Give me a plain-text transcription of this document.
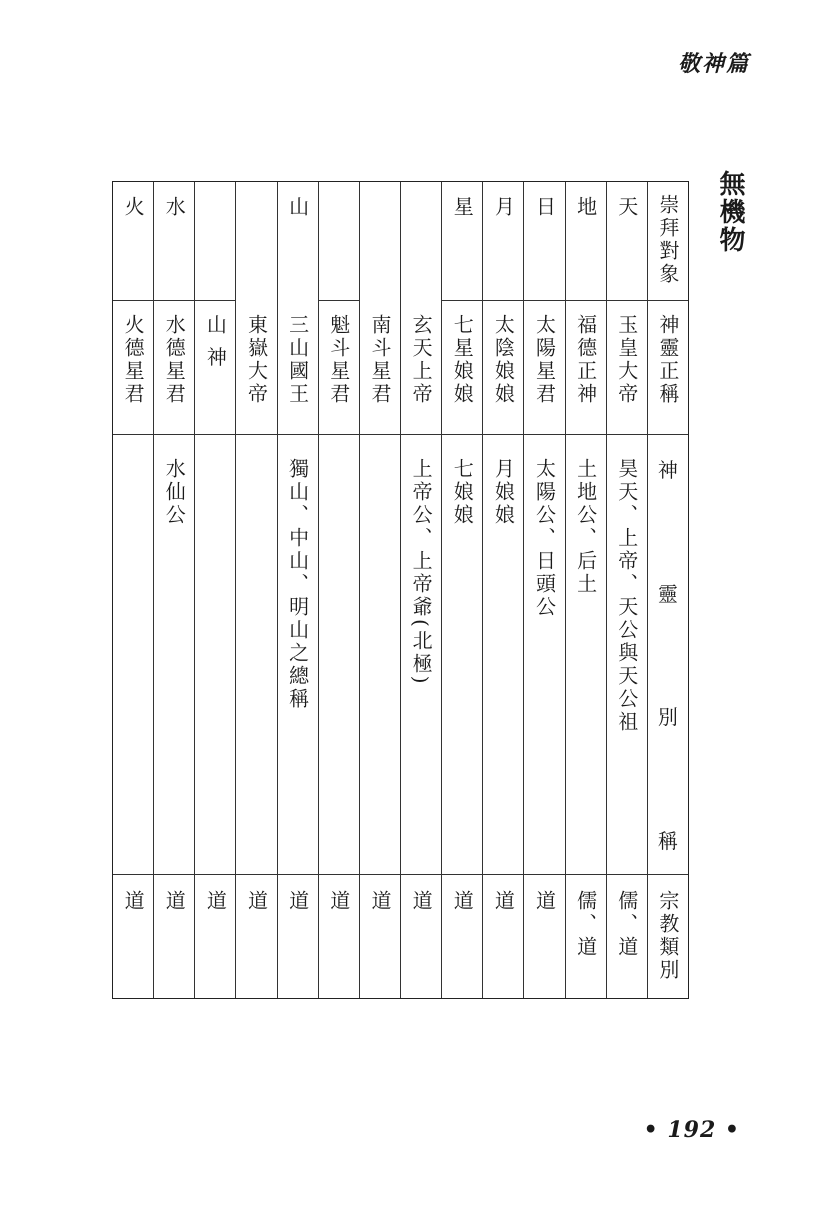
敬神篇
無機物
崇拜對象
神靈正稱
神
靈
別
稱
宗教類別
天
玉皇大帝
昊天、上帝、天公與天公祖
儒、道
地
福德正神
土地公、后土
儒、道
日
太陽星君
太陽公、日頭公
道
月
太陰娘娘
月娘娘
道
星
七星娘娘
七娘娘
道
玄天上帝
上帝公、上帝爺(北極)
道
南斗星君
道
魁斗星君
道
山
三山國王
獨山、中山、明山之總稱
道
東嶽大帝
道
山 神
道
水
水德星君
水仙公
道
火
火德星君
道
• 192 •
